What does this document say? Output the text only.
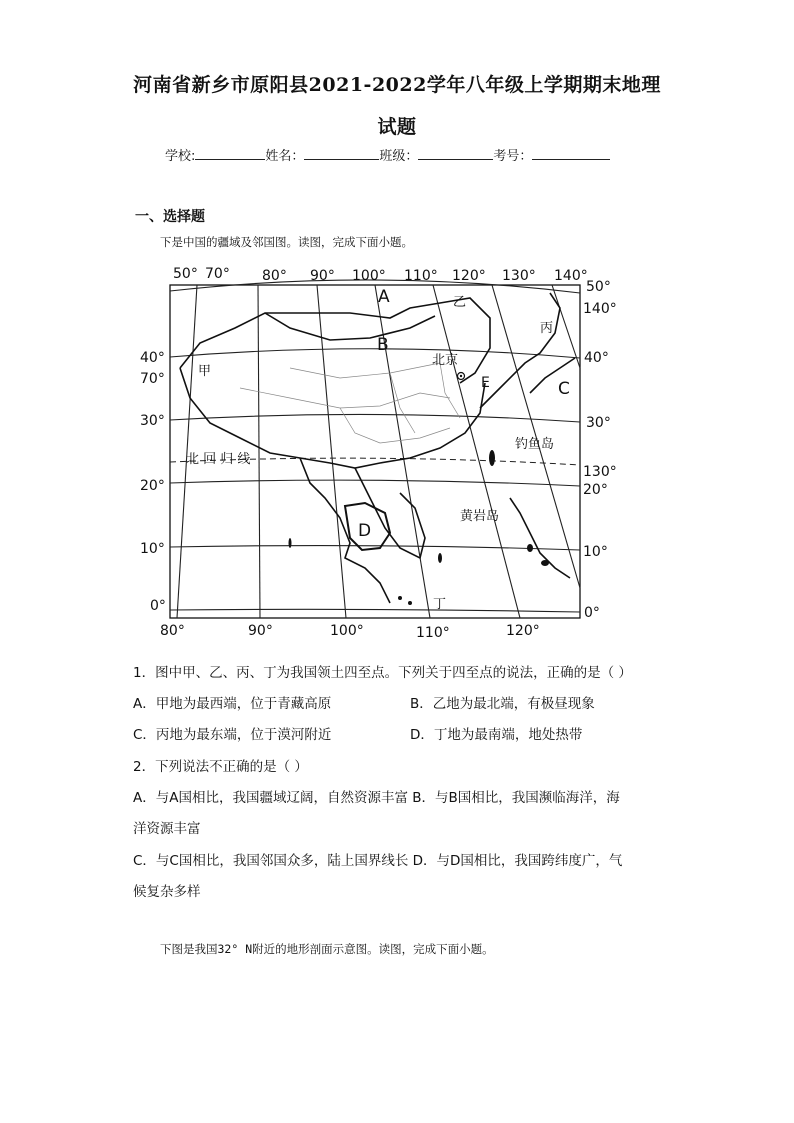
河南省新乡市原阳县2021-2022学年八年级上学期期末地理
试题
学校:	姓名：	班级：	考号：
一、选择题
下是中国的疆域及邻国图。读图，完成下面小题。
50° 70° 80° 90° 100° 110° 120° 130° 140°
80°	90°	100°	110°	120°
40°
70°
30°
20°
10°
0°
50°
140°
40°
30°
130°
20°
10°
0°
A
B
C
D
E
甲
乙
丙
丁
北京
钓鱼岛
黄岩岛
北 回 归 线
1．图中甲、乙、丙、丁为我国领土四至点。下列关于四至点的说法，正确的是（ ）
A．甲地为最西端，位于青藏高原	B．乙地为最北端，有极昼现象
C．丙地为最东端，位于漠河附近	D．丁地为最南端，地处热带
2．下列说法不正确的是（ ）
A．与A国相比，我国疆域辽阔，自然资源丰富 B．与B国相比，我国濒临海洋，海
洋资源丰富
C．与C国相比，我国邻国众多，陆上国界线长 D．与D国相比，我国跨纬度广，气
候复杂多样
下图是我国32° N附近的地形剖面示意图。读图，完成下面小题。
